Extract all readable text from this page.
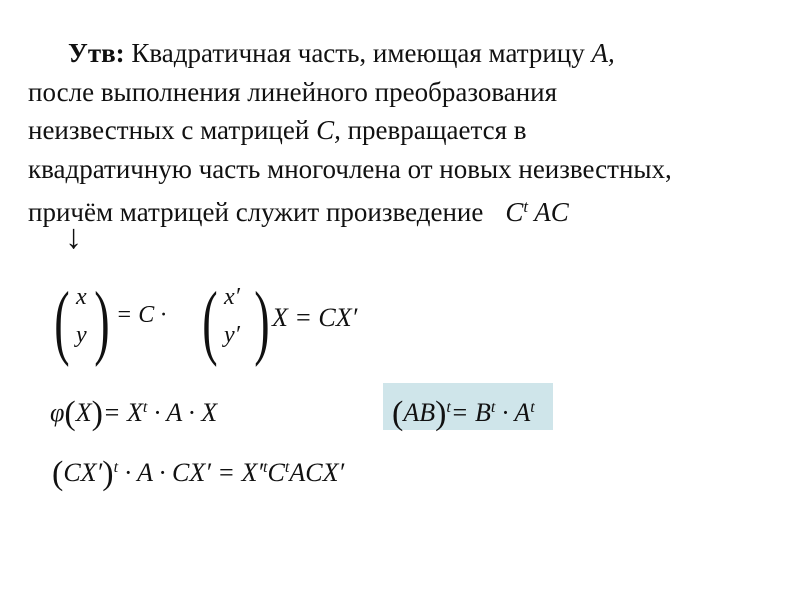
Утв: Квадратичная часть, имеющая матрицу A,
после выполнения линейного преобразования
неизвестных с матрицей C, превращается в
квадратичную часть многочлена от новых неизвестных,
причём матрицей служит произведение $C^t$ AC
↓
( x
y ) = C · ( x′
y′ ) X = CX′
$\varphi(X)= X^t \cdot A \cdot X$	$(AB)^t= B^t \cdot A^t$
$(CX')^t \cdot A \cdot CX' = X'^tC^tACX'$
